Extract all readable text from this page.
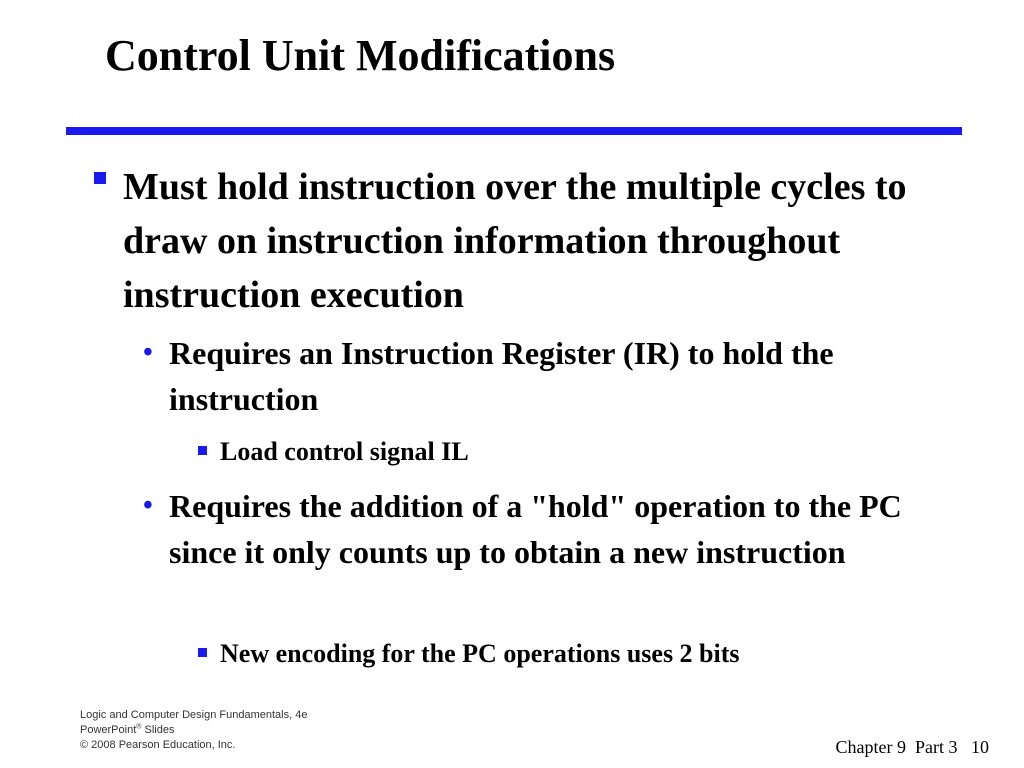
Control Unit Modifications
Must hold instruction over the multiple cycles to draw on instruction information throughout instruction execution
• Requires an Instruction Register (IR) to hold the instruction
Load control signal IL
• Requires the addition of a "hold" operation to the PC since it only counts up to obtain a new instruction
New encoding for the PC operations uses 2 bits
Logic and Computer Design Fundamentals, 4e
PowerPoint® Slides
© 2008 Pearson Education, Inc.	Chapter 9 Part 3 10
